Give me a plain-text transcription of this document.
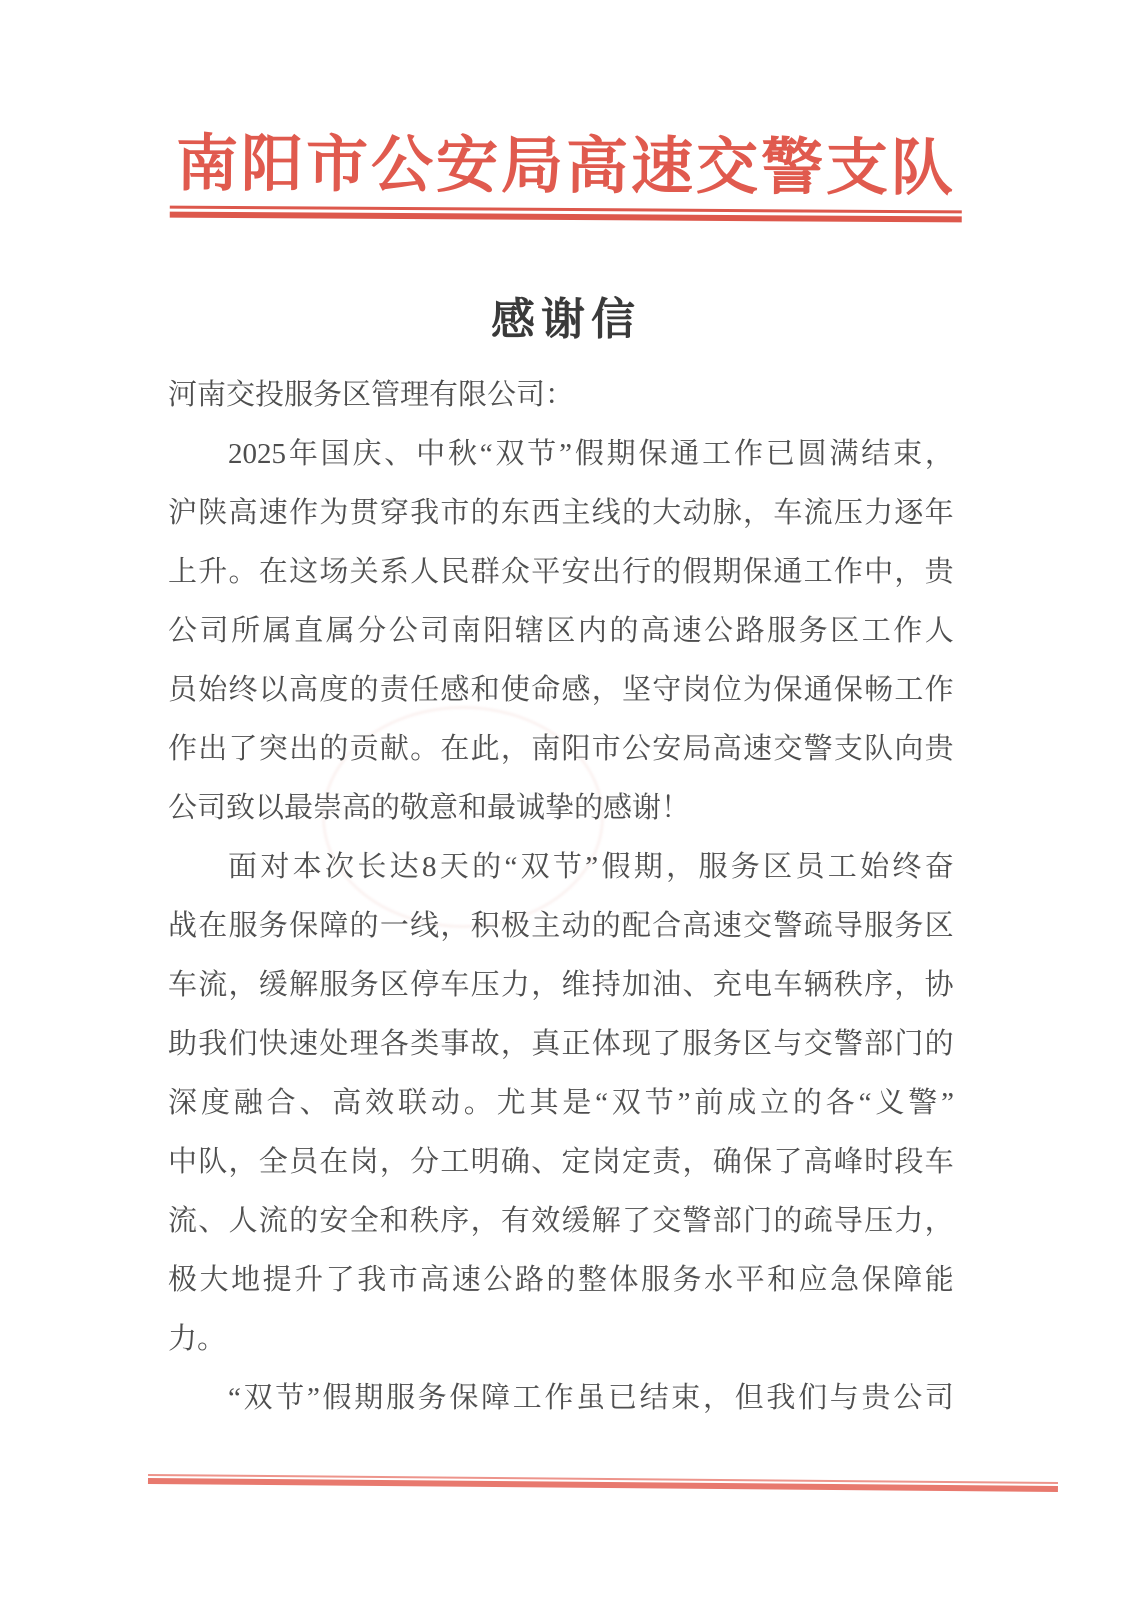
南阳市公安局高速交警支队
感谢信
河南交投服务区管理有限公司：
2025 年 国 庆 、 中 秋 “ 双 节 ” 假 期 保 通 工 作 已 圆 满 结 束 ，
沪 陕 高 速 作 为 贯 穿 我 市 的 东 西 主 线 的 大 动 脉 ， 车 流 压 力 逐 年
上 升 。 在 这 场 关 系 人 民 群 众 平 安 出 行 的 假 期 保 通 工 作 中 ， 贵
公 司 所 属 直 属 分 公 司 南 阳 辖 区 内 的 高 速 公 路 服 务 区 工 作 人
员 始 终 以 高 度 的 责 任 感 和 使 命 感 ， 坚 守 岗 位 为 保 通 保 畅 工 作
作 出 了 突 出 的 贡 献 。 在 此 ， 南 阳 市 公 安 局 高 速 交 警 支 队 向 贵
公司致以最崇高的敬意和最诚挚的感谢！
面 对 本 次 长 达 8 天 的 “ 双 节 ” 假 期 ， 服 务 区 员 工 始 终 奋
战 在 服 务 保 障 的 一 线 ， 积 极 主 动 的 配 合 高 速 交 警 疏 导 服 务 区
车 流 ， 缓 解 服 务 区 停 车 压 力 ， 维 持 加 油 、 充 电 车 辆 秩 序 ， 协
助 我 们 快 速 处 理 各 类 事 故 ， 真 正 体 现 了 服 务 区 与 交 警 部 门 的
深 度 融 合 、 高 效 联 动 。 尤 其 是 “ 双 节 ” 前 成 立 的 各 “ 义 警 ”
中 队 ， 全 员 在 岗 ， 分 工 明 确 、 定 岗 定 责 ， 确 保 了 高 峰 时 段 车
流 、 人 流 的 安 全 和 秩 序 ， 有 效 缓 解 了 交 警 部 门 的 疏 导 压 力 ，
极 大 地 提 升 了 我 市 高 速 公 路 的 整 体 服 务 水 平 和 应 急 保 障 能
力。
“ 双 节 ” 假 期 服 务 保 障 工 作 虽 已 结 束 ， 但 我 们 与 贵 公 司
